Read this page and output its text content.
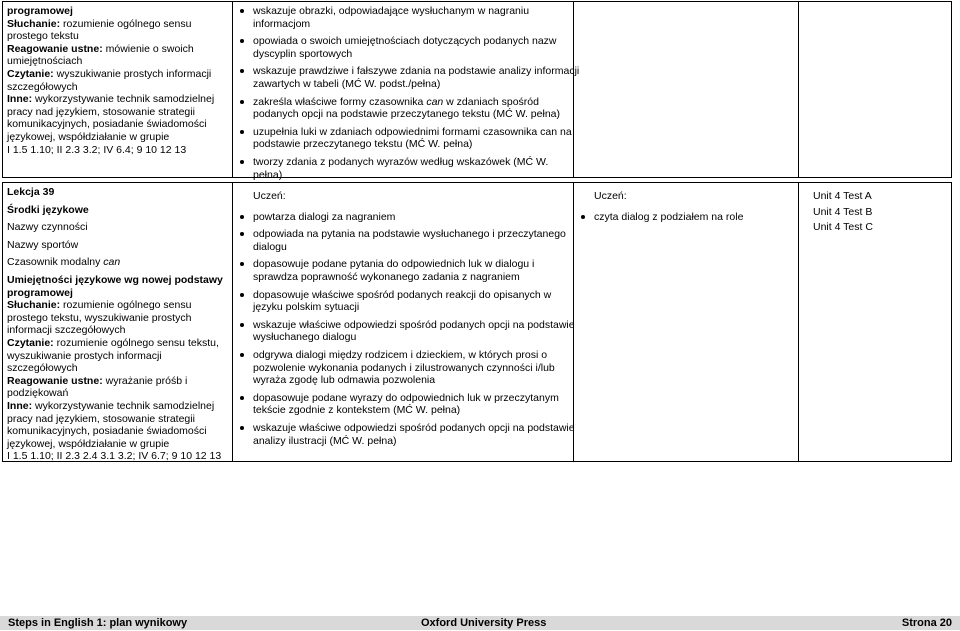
programowej
Słuchanie: rozumienie ogólnego sensu
prostego tekstu
Reagowanie ustne: mówienie o swoich
umiejętnościach
Czytanie: wyszukiwanie prostych informacji
szczegółowych
Inne: wykorzystywanie technik samodzielnej
pracy nad językiem, stosowanie strategii
komunikacyjnych, posiadanie świadomości
językowej, współdziałanie w grupie
I 1.5 1.10; II 2.3 3.2; IV 6.4; 9 10 12 13
wskazuje obrazki, odpowiadające wysłuchanym w nagraniu
informacjom
opowiada o swoich umiejętnościach dotyczących podanych nazw
dyscyplin sportowych
wskazuje prawdziwe i fałszywe zdania na podstawie analizy informacji
zawartych w tabeli (MĆ W. podst./pełna)
zakreśla właściwe formy czasownika can w zdaniach spośród
podanych opcji na podstawie przeczytanego tekstu (MĆ W. pełna)
uzupełnia luki w zdaniach odpowiednimi formami czasownika can na
podstawie przeczytanego tekstu (MĆ W. pełna)
tworzy zdania z podanych wyrazów według wskazówek (MĆ W.
pełna)
Lekcja 39
Środki językowe
Nazwy czynności
Nazwy sportów
Czasownik modalny can
Umiejętności językowe wg nowej podstawy
programowej
Słuchanie: rozumienie ogólnego sensu
prostego tekstu, wyszukiwanie prostych
informacji szczegółowych
Czytanie: rozumienie ogólnego sensu tekstu,
wyszukiwanie prostych informacji
szczegółowych
Reagowanie ustne: wyrażanie próśb i
podziękowań
Inne: wykorzystywanie technik samodzielnej
pracy nad językiem, stosowanie strategii
komunikacyjnych, posiadanie świadomości
językowej, współdziałanie w grupie
I 1.5 1.10; II 2.3 2.4 3.1 3.2; IV 6.7; 9 10 12 13
Uczeń:
powtarza dialogi za nagraniem
odpowiada na pytania na podstawie wysłuchanego i przeczytanego
dialogu
dopasowuje podane pytania do odpowiednich luk w dialogu i
sprawdza poprawność wykonanego zadania z nagraniem
dopasowuje właściwe spośród podanych reakcji do opisanych w
języku polskim sytuacji
wskazuje właściwe odpowiedzi spośród podanych opcji na podstawie
wysłuchanego dialogu
odgrywa dialogi między rodzicem i dzieckiem, w których prosi o
pozwolenie wykonania podanych i zilustrowanych czynności i/lub
wyraża zgodę lub odmawia pozwolenia
dopasowuje podane wyrazy do odpowiednich luk w przeczytanym
tekście zgodnie z kontekstem (MĆ W. pełna)
wskazuje właściwe odpowiedzi spośród podanych opcji na podstawie
analizy ilustracji (MĆ W. pełna)
Uczeń:
czyta dialog z podziałem na role
Unit 4 Test A
Unit 4 Test B
Unit 4 Test C
Steps in English 1: plan wynikowy	Oxford University Press	Strona 20
